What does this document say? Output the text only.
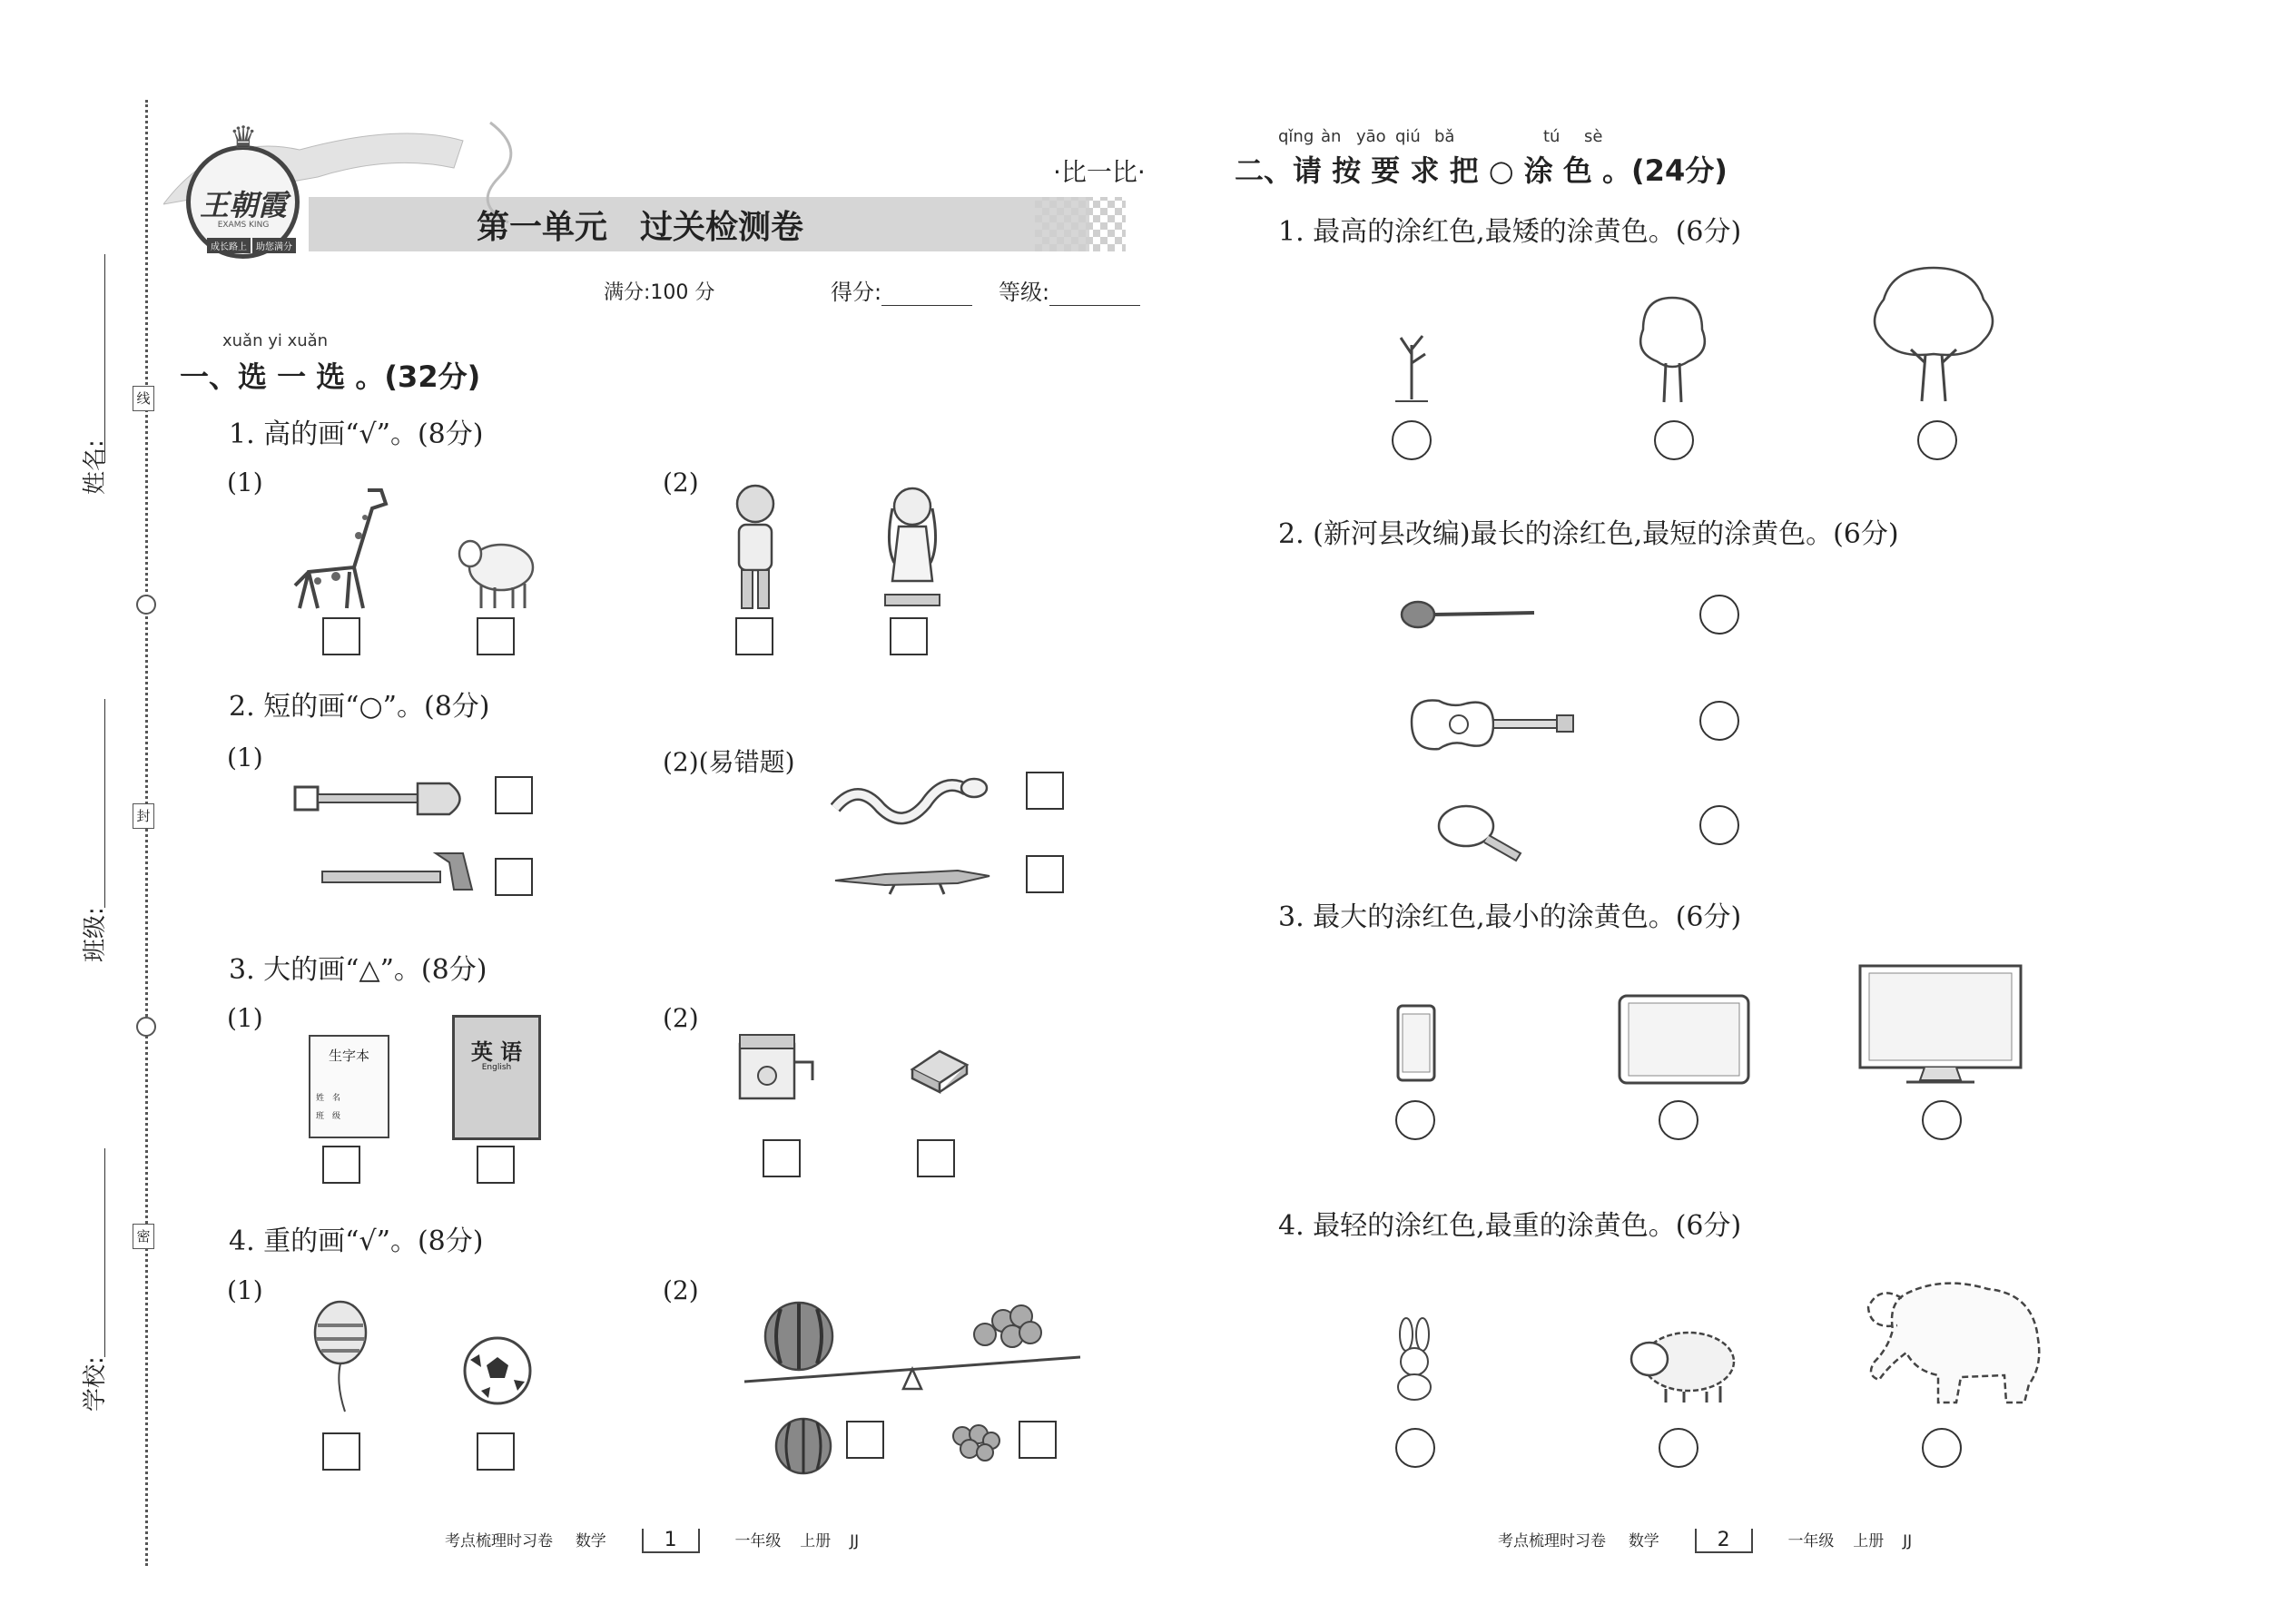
线
封
密
姓名:
班级:
学校:
♛
王朝霞
EXAMS KING
成长路上	助您满分
·比一比·
第一单元　过关检测卷
满分:100 分	得分:	等级:
xuǎn yi xuǎn
一、选 一 选 。(32分)
1. 高的画“√”。(8分)
(1)	(2)
2. 短的画“○”。(8分)
(1)	(2)(易错题)
3. 大的画“△”。(8分)
(1)	(2)
生字本
姓　名
班　级
英 语
English
4. 重的画“√”。(8分)
(1)	(2)
qǐng àn yāo qiú bǎ	tú sè
二、请 按 要 求 把 ○ 涂 色 。(24分)
1. 最高的涂红色,最矮的涂黄色。(6分)
2. (新河县改编)最长的涂红色,最短的涂黄色。(6分)
3. 最大的涂红色,最小的涂黄色。(6分)
4. 最轻的涂红色,最重的涂黄色。(6分)
考点梳理时习卷 数学	1	一年级 上册 JJ	考点梳理时习卷 数学	2	一年级 上册 JJ
